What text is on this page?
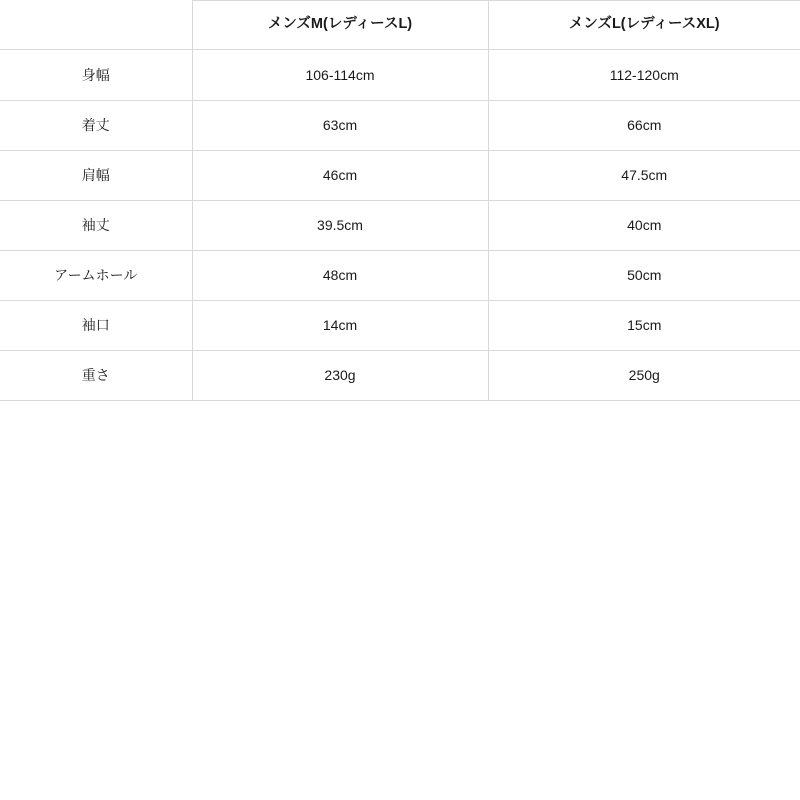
	メンズM(レディースL)	メンズL(レディースXL)
身幅	106-114cm	112-120cm
着丈	63cm	66cm
肩幅	46cm	47.5cm
袖丈	39.5cm	40cm
アームホール	48cm	50cm
袖口	14cm	15cm
重さ	230g	250g
